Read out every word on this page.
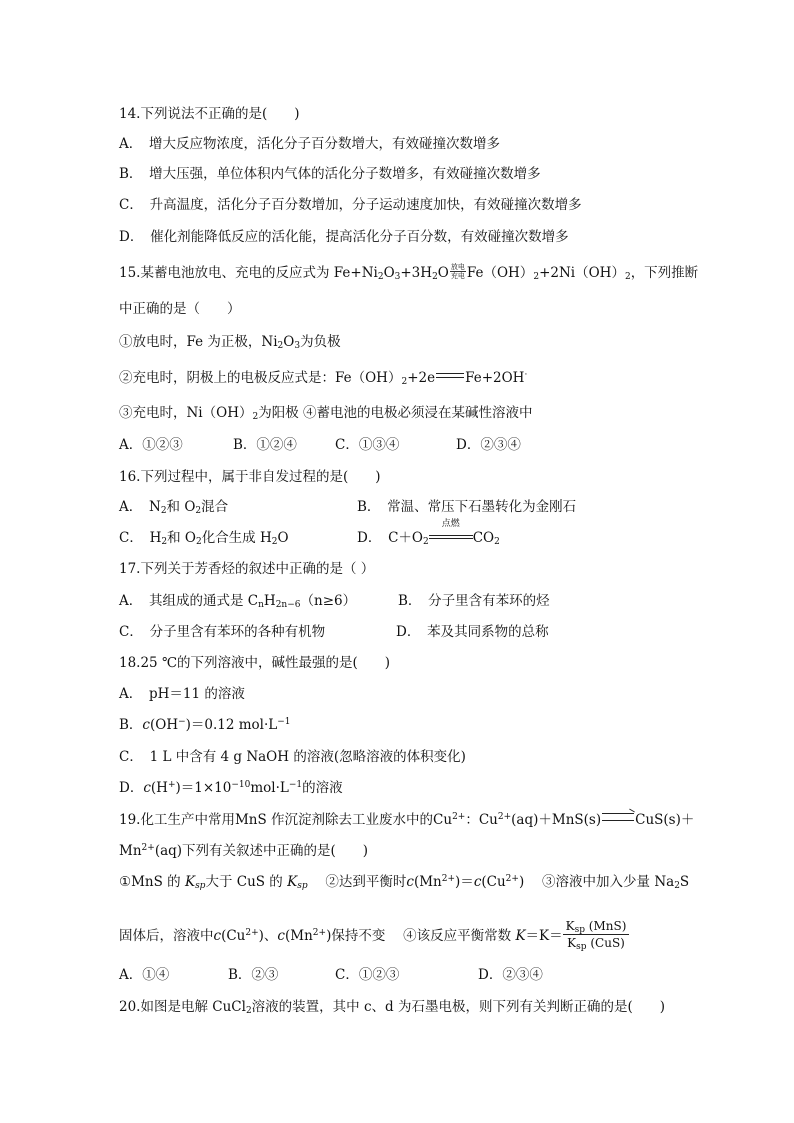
14.下列说法不正确的是(　　)
A．　增大反应物浓度，活化分子百分数增大，有效碰撞次数增多
B．　增大压强，单位体积内气体的活化分子数增多，有效碰撞次数增多
C．　升高温度，活化分子百分数增加，分子运动速度加快，有效碰撞次数增多
D．　催化剂能降低反应的活化能，提高活化分子百分数，有效碰撞次数增多
15.某蓄电池放电、充电的反应式为 $Fe+Ni_2O_3+3H_2O$ 放电
充电 $Fe(OH)_2+2Ni(OH)_2$，下列推断
中正确的是（　　）
①放电时，Fe 为正极，$Ni_2O_3$为负极
②充电时，阴极上的电极反应式是：$Fe(OH)_2+2e$ Fe+2OH·
③充电时，$Ni(OH)_2$为阳极 ④蓄电池的电极必须浸在某碱性溶液中
A．①②③	B．①②④	C．①③④	D．②③④
16.下列过程中，属于非自发过程的是(　　)
A．　$N_2$和 $O_2$混合	B．　常温、常压下石墨转化为金刚石
C．　$H_2$和 $O_2$化合生成 $H_2O$	D．　$C+O_2$
点燃
$CO_2$
17.下列关于芳香烃的叙述中正确的是（ ）
A．　其组成的通式是 $C_nH_{2n-6}(n\ge 6)$	B．　分子里含有苯环的烃
C．　分子里含有苯环的各种有机物	D．　苯及其同系物的总称
18.25 ℃的下列溶液中，碱性最强的是(　　)
A．　pH＝11 的溶液
B．c(OH−)＝0.12 $mol\cdot L^{-1}$
C．　1 L 中含有 4 g NaOH 的溶液(忽略溶液的体积变化)
D．$c(H^+)=1\times 10^{-10}mol\cdot L^{-1}$的溶液
19.化工生产中常用MnS 作沉淀剂除去工业废水中的$Cu^{2+}$：$Cu^{2+}(aq)+MnS(s)$	CuS(s)＋
$Mn^{2+}(aq)$下列有关叙述中正确的是(　　)
①MnS 的 $K_{sp}$大于 CuS 的 $K_{sp}$ 　 ②达到平衡时$c(Mn^{2+})=c(Cu^{2+})$ 　 ③溶液中加入少量 $Na_2S$
固体后，溶液中$c(Cu^{2+})$、$c(Mn^{2+})$保持不变 　 ④该反应平衡常数 $K=K= \frac{K_{sp} (MnS)}{K_{sp} (CuS)}$
A．①④	B．②③	C．①②③	D．②③④
20.如图是电解 CuCl$_2$溶液的装置，其中 c、d 为石墨电极，则下列有关判断正确的是(　　)
